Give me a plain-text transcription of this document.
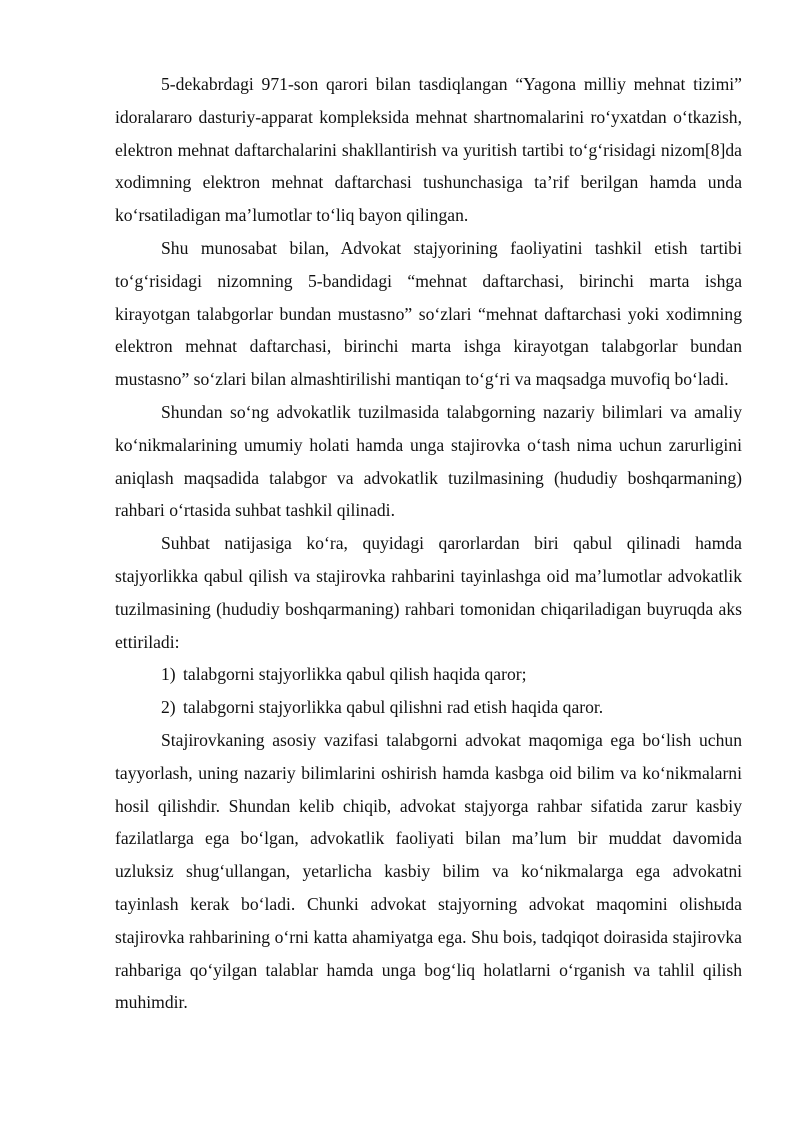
5-dekabrdagi 971-son qarori bilan tasdiqlangan “Yagona milliy mehnat tizimi” idoralararo dasturiy-apparat kompleksida mehnat shartnomalarini ro‘yxatdan o‘tkazish, elektron mehnat daftarchalarini shakllantirish va yuritish tartibi to‘g‘risidagi nizom[8]da xodimning elektron mehnat daftarchasi tushunchasiga ta’rif berilgan hamda unda ko‘rsatiladigan ma’lumotlar to‘liq bayon qilingan.

Shu munosabat bilan, Advokat stajyorining faoliyatini tashkil etish tartibi to‘g‘risidagi nizomning 5-bandidagi “mehnat daftarchasi, birinchi marta ishga kirayotgan talabgorlar bundan mustasno” so‘zlari “mehnat daftarchasi yoki xodimning elektron mehnat daftarchasi, birinchi marta ishga kirayotgan talabgorlar bundan mustasno” so‘zlari bilan almashtirilishi mantiqan to‘g‘ri va maqsadga muvofiq bo‘ladi.

Shundan so‘ng advokatlik tuzilmasida talabgorning nazariy bilimlari va amaliy ko‘nikmalarining umumiy holati hamda unga stajirovka o‘tash nima uchun zarurligini aniqlash maqsadida talabgor va advokatlik tuzilmasining (hududiy boshqarmaning) rahbari o‘rtasida suhbat tashkil qilinadi.

Suhbat natijasiga ko‘ra, quyidagi qarorlardan biri qabul qilinadi hamda stajyorlikka qabul qilish va stajirovka rahbarini tayinlashga oid ma’lumotlar advokatlik tuzilmasining (hududiy boshqarmaning) rahbari tomonidan chiqariladigan buyruqda aks ettiriladi:

1) talabgorni stajyorlikka qabul qilish haqida qaror;

2) talabgorni stajyorlikka qabul qilishni rad etish haqida qaror.

Stajirovkaning asosiy vazifasi talabgorni advokat maqomiga ega bo‘lish uchun tayyorlash, uning nazariy bilimlarini oshirish hamda kasbga oid bilim va ko‘nikmalarni hosil qilishdir. Shundan kelib chiqib, advokat stajyorga rahbar sifatida zarur kasbiy fazilatlarga ega bo‘lgan, advokatlik faoliyati bilan ma’lum bir muddat davomida uzluksiz shug‘ullangan, yetarlicha kasbiy bilim va ko‘nikmalarga ega advokatni tayinlash kerak bo‘ladi. Chunki advokat stajyorning advokat maqomini olishыda stajirovka rahbarining o‘rni katta ahamiyatga ega. Shu bois, tadqiqot doirasida stajirovka rahbariga qo‘yilgan talablar hamda unga bog‘liq holatlarni o‘rganish va tahlil qilish muhimdir.
